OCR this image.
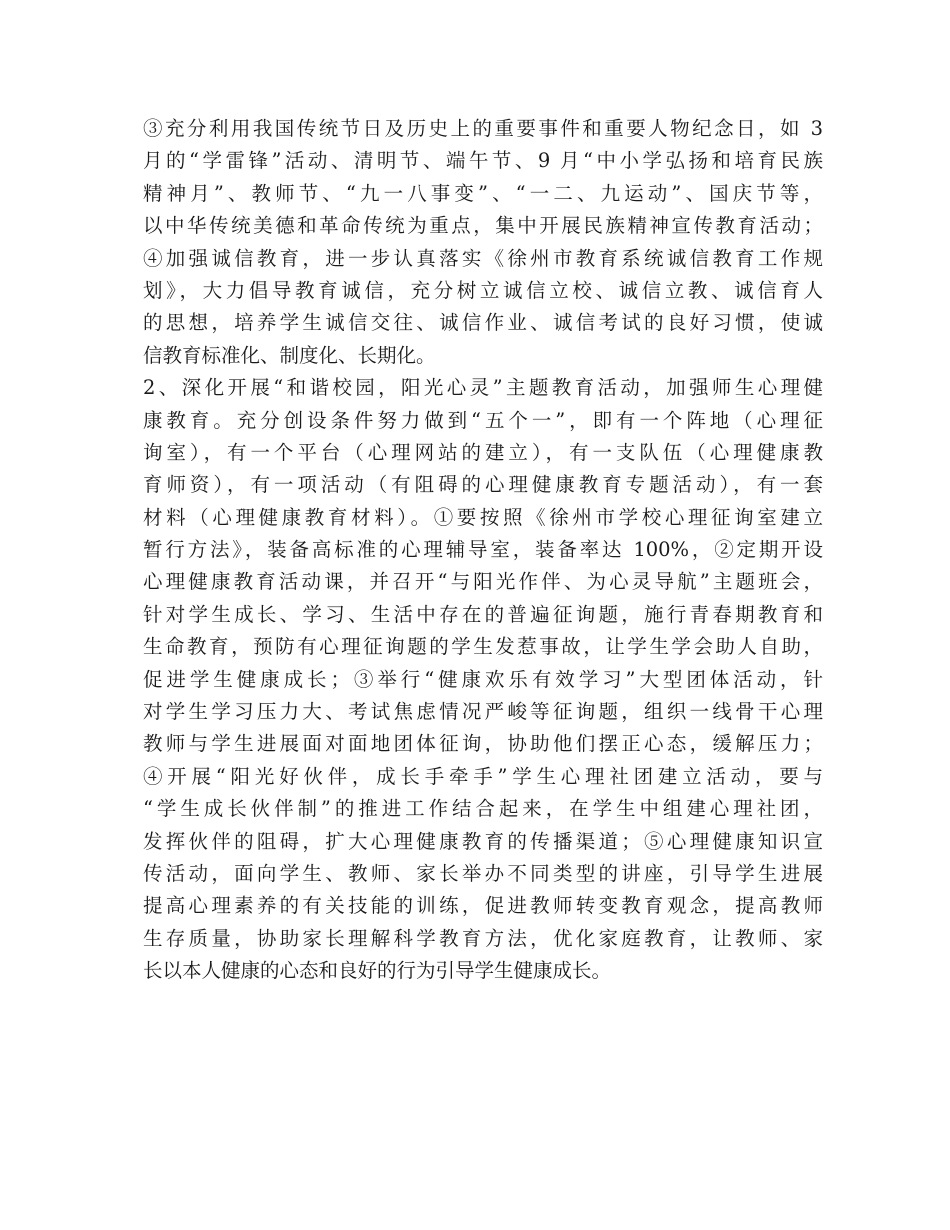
③充分利用我国传统节日及历史上的重要事件和重要人物纪念日，如 3
月的“学雷锋”活动、清明节、端午节、9 月“中小学弘扬和培育民族
精神月”、教师节、“九一八事变”、“一二、九运动”、国庆节等，
以中华传统美德和革命传统为重点，集中开展民族精神宣传教育活动；
④加强诚信教育，进一步认真落实《徐州市教育系统诚信教育工作规
划》，大力倡导教育诚信，充分树立诚信立校、诚信立教、诚信育人
的思想，培养学生诚信交往、诚信作业、诚信考试的良好习惯，使诚
信教育标准化、制度化、长期化。
2、深化开展“和谐校园，阳光心灵”主题教育活动，加强师生心理健
康教育。充分创设条件努力做到“五个一”，即有一个阵地（心理征
询室），有一个平台（心理网站的建立），有一支队伍（心理健康教
育师资），有一项活动（有阻碍的心理健康教育专题活动），有一套
材料（心理健康教育材料）。①要按照《徐州市学校心理征询室建立
暂行方法》，装备高标准的心理辅导室，装备率达 100%，②定期开设
心理健康教育活动课，并召开“与阳光作伴、为心灵导航”主题班会，
针对学生成长、学习、生活中存在的普遍征询题，施行青春期教育和
生命教育，预防有心理征询题的学生发惹事故，让学生学会助人自助，
促进学生健康成长；③举行“健康欢乐有效学习”大型团体活动，针
对学生学习压力大、考试焦虑情况严峻等征询题，组织一线骨干心理
教师与学生进展面对面地团体征询，协助他们摆正心态，缓解压力；
④开展“阳光好伙伴，成长手牵手”学生心理社团建立活动，要与
“学生成长伙伴制”的推进工作结合起来，在学生中组建心理社团，
发挥伙伴的阻碍，扩大心理健康教育的传播渠道；⑤心理健康知识宣
传活动，面向学生、教师、家长举办不同类型的讲座，引导学生进展
提高心理素养的有关技能的训练，促进教师转变教育观念，提高教师
生存质量，协助家长理解科学教育方法，优化家庭教育，让教师、家
长以本人健康的心态和良好的行为引导学生健康成长。
